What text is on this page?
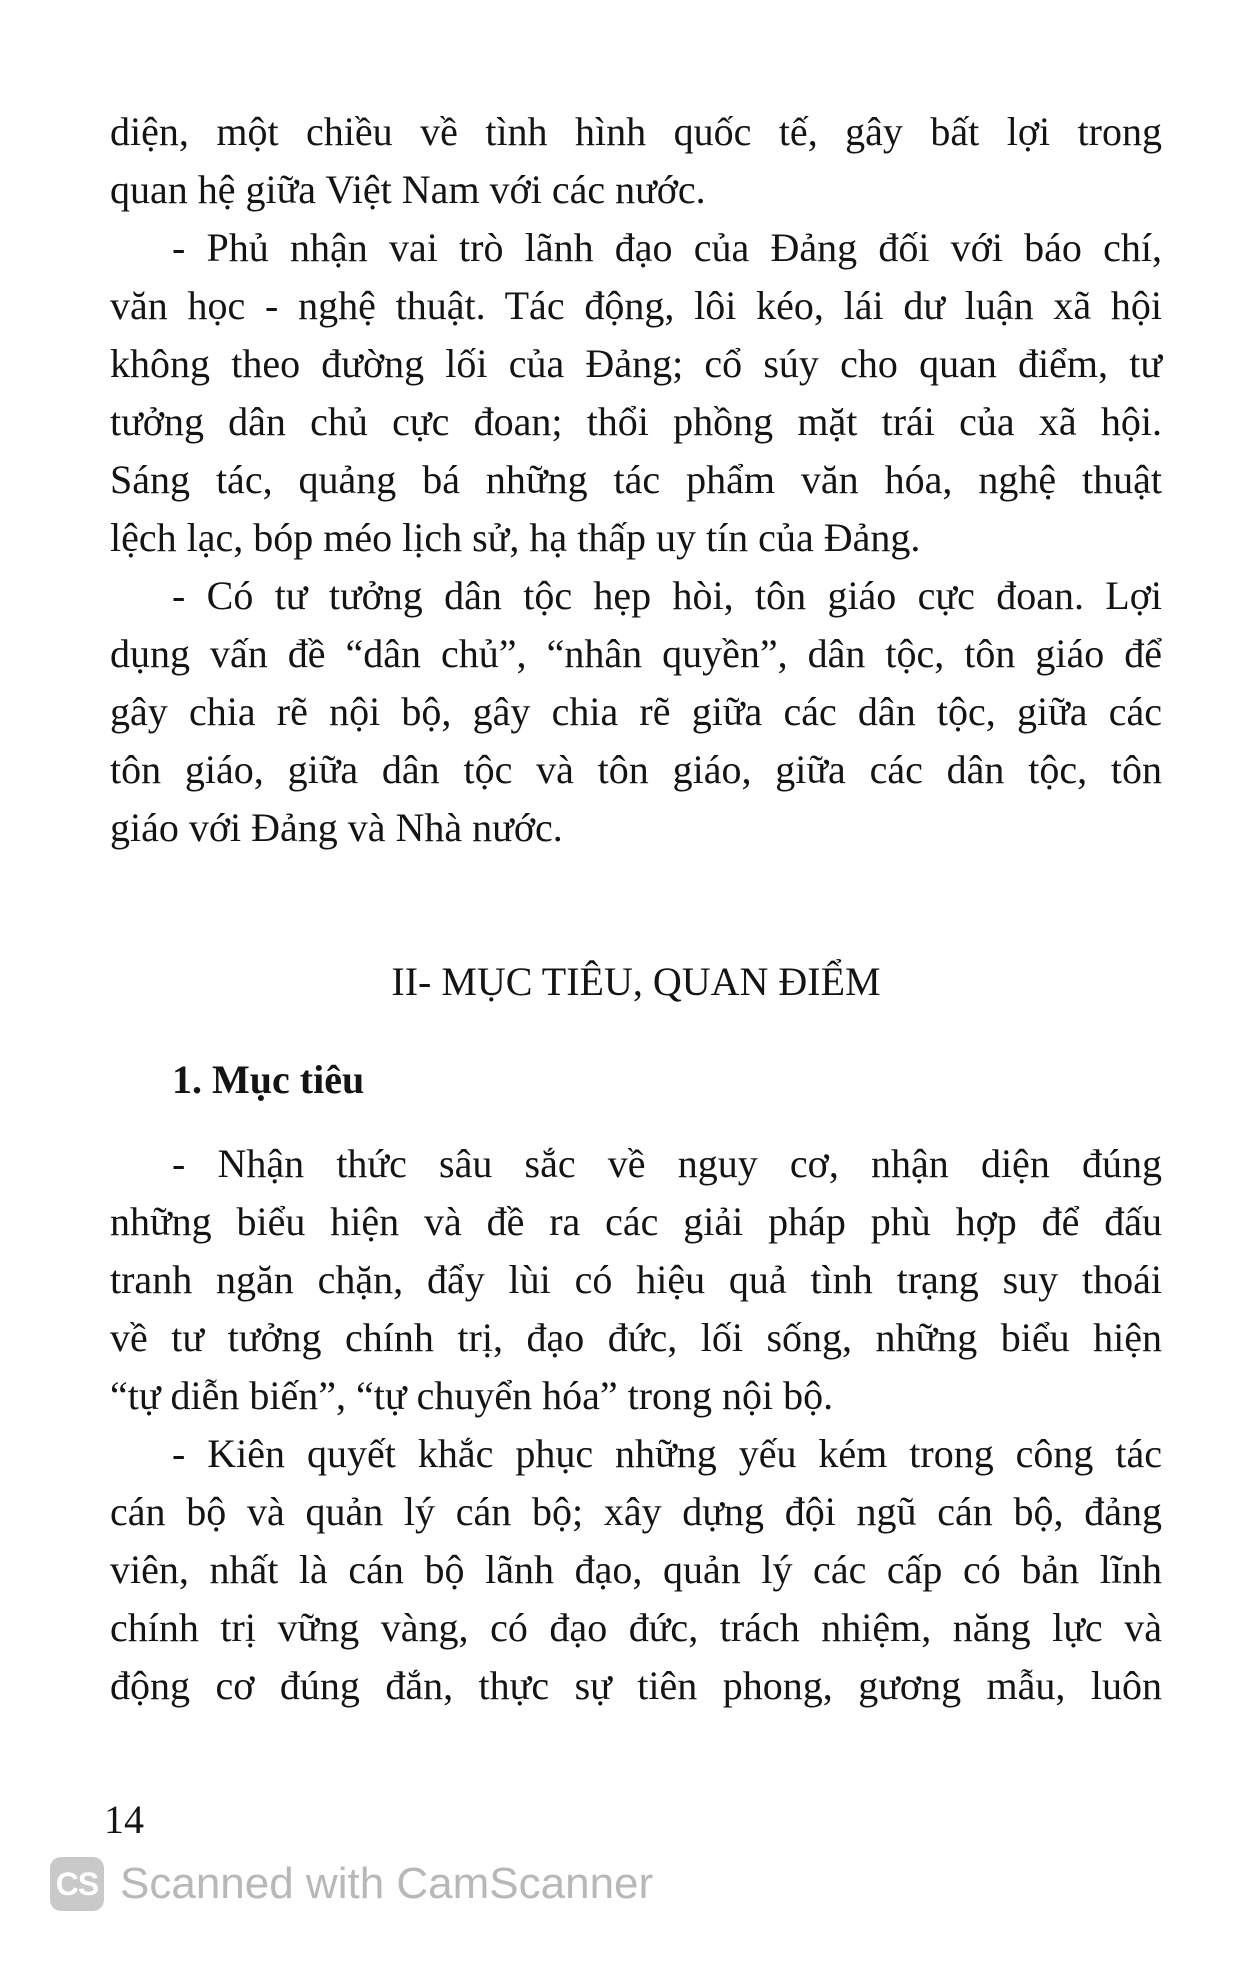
diện, một chiều về tình hình quốc tế, gây bất lợi trong
quan hệ giữa Việt Nam với các nước.
- Phủ nhận vai trò lãnh đạo của Đảng đối với báo chí,
văn học - nghệ thuật. Tác động, lôi kéo, lái dư luận xã hội
không theo đường lối của Đảng; cổ súy cho quan điểm, tư
tưởng dân chủ cực đoan; thổi phồng mặt trái của xã hội.
Sáng tác, quảng bá những tác phẩm văn hóa, nghệ thuật
lệch lạc, bóp méo lịch sử, hạ thấp uy tín của Đảng.
- Có tư tưởng dân tộc hẹp hòi, tôn giáo cực đoan. Lợi
dụng vấn đề “dân chủ”, “nhân quyền”, dân tộc, tôn giáo để
gây chia rẽ nội bộ, gây chia rẽ giữa các dân tộc, giữa các
tôn giáo, giữa dân tộc và tôn giáo, giữa các dân tộc, tôn
giáo với Đảng và Nhà nước.
II- MỤC TIÊU, QUAN ĐIỂM
1. Mục tiêu
- Nhận thức sâu sắc về nguy cơ, nhận diện đúng
những biểu hiện và đề ra các giải pháp phù hợp để đấu
tranh ngăn chặn, đẩy lùi có hiệu quả tình trạng suy thoái
về tư tưởng chính trị, đạo đức, lối sống, những biểu hiện
“tự diễn biến”, “tự chuyển hóa” trong nội bộ.
- Kiên quyết khắc phục những yếu kém trong công tác
cán bộ và quản lý cán bộ; xây dựng đội ngũ cán bộ, đảng
viên, nhất là cán bộ lãnh đạo, quản lý các cấp có bản lĩnh
chính trị vững vàng, có đạo đức, trách nhiệm, năng lực và
động cơ đúng đắn, thực sự tiên phong, gương mẫu, luôn
14
CS Scanned with CamScanner
